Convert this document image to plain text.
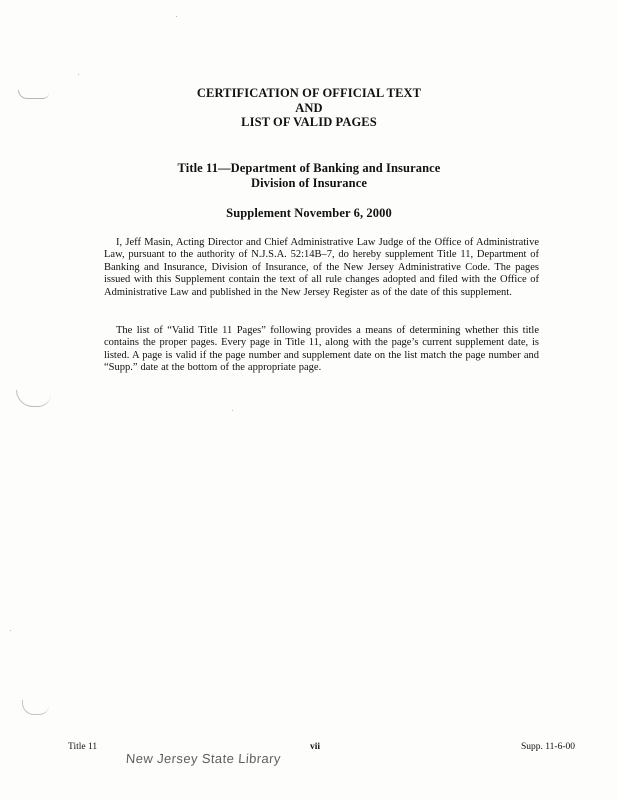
CERTIFICATION OF OFFICIAL TEXT
AND
LIST OF VALID PAGES
Title 11—Department of Banking and Insurance
Division of Insurance
Supplement November 6, 2000

I, Jeff Masin, Acting Director and Chief Administrative Law Judge of the Office of Administrative Law, pursuant to the authority of N.J.S.A. 52:14B–7, do hereby supplement Title 11, Department of Banking and Insurance, Division of Insurance, of the New Jersey Administrative Code. The pages issued with this Supplement contain the text of all rule changes adopted and filed with the Office of Administrative Law and published in the New Jersey Register as of the date of this supplement.

The list of “Valid Title 11 Pages” following provides a means of determining whether this title contains the proper pages. Every page in Title 11, along with the page’s current supplement date, is listed. A page is valid if the page number and supplement date on the list match the page number and “Supp.” date at the bottom of the appropriate page.

Title 11	vii	Supp. 11-6-00
New Jersey State Library
